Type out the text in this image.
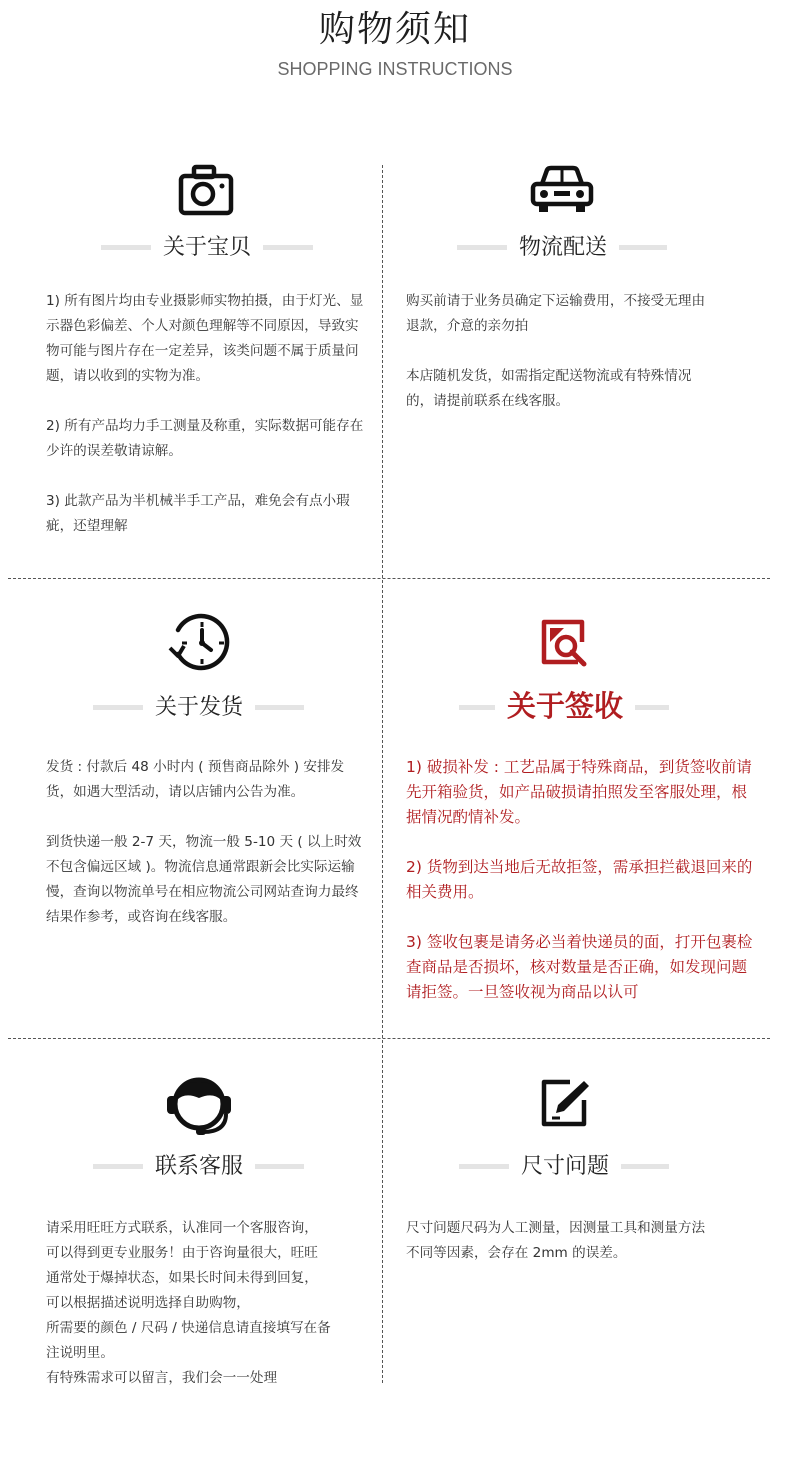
购物须知
SHOPPING INSTRUCTIONS
关于宝贝

1) 所有图片均由专业摄影师实物拍摄，由于灯光、显示器色彩偏差、个人对颜色理解等不同原因，导致实物可能与图片存在一定差异，该类问题不属于质量问题，请以收到的实物为准。

2) 所有产品均力手工测量及称重，实际数据可能存在少许的误差敬请谅解。

3) 此款产品为半机械半手工产品，难免会有点小瑕疵，还望理解

物流配送

购买前请于业务员确定下运输费用，不接受无理由退款，介意的亲勿拍

本店随机发货，如需指定配送物流或有特殊情况的，请提前联系在线客服。

关于发货

发货 : 付款后 48 小时内 ( 预售商品除外 ) 安排发货，如遇大型活动，请以店铺内公告为准。

到货快递一般 2-7 天，物流一般 5-10 天 ( 以上时效不包含偏远区域 )。物流信息通常跟新会比实际运输慢，查询以物流单号在相应物流公司网站查询力最终结果作参考，或咨询在线客服。

关于签收

1) 破损补发 : 工艺品属于特殊商品，到货签收前请先开箱验货，如产品破损请拍照发至客服处理，根据情况酌情补发。

2) 货物到达当地后无故拒签，需承担拦截退回来的相关费用。

3) 签收包裹是请务必当着快递员的面，打开包裹检查商品是否损坏，核对数量是否正确，如发现问题请拒签。一旦签收视为商品以认可

联系客服
请采用旺旺方式联系，认准同一个客服咨询，
可以得到更专业服务！由于咨询量很大，旺旺
通常处于爆掉状态，如果长时间未得到回复，
可以根据描述说明选择自助购物，
所需要的颜色 / 尺码 / 快递信息请直接填写在备
注说明里。
有特殊需求可以留言，我们会一一处理
尺寸问题

尺寸问题尺码为人工测量，因测量工具和测量方法不同等因素，会存在 2mm 的误差。
